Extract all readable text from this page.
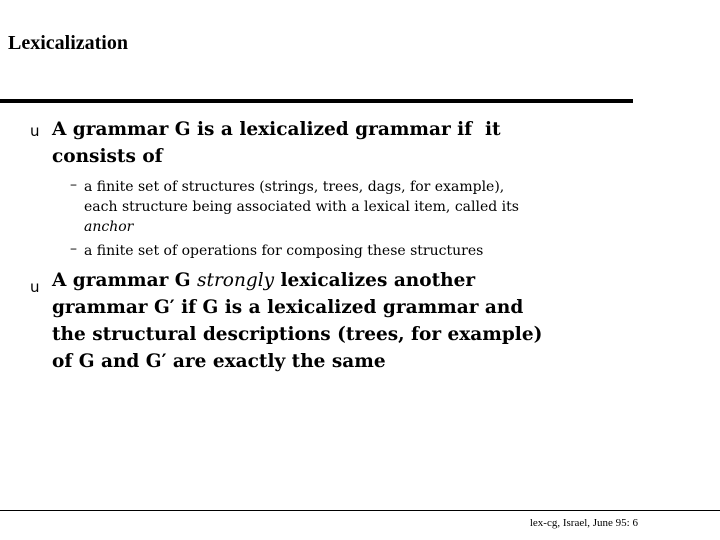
Lexicalization
u A grammar G is a lexicalized grammar if  it
consists of
– a finite set of structures (strings, trees, dags, for example),
each structure being associated with a lexical item, called its
anchor
– a finite set of operations for composing these structures
u A grammar G strongly lexicalizes another
grammar G′ if G is a lexicalized grammar and
the structural descriptions (trees, for example)
of G and G′ are exactly the same
lex-cg, Israel, June 95: 6
